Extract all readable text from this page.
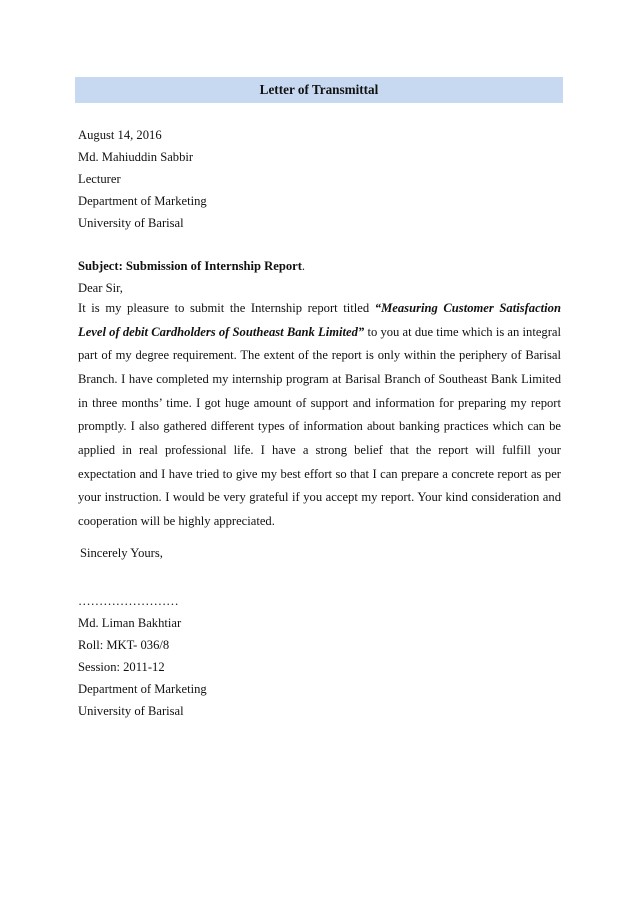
Letter of Transmittal
August 14, 2016
Md. Mahiuddin Sabbir
Lecturer
Department of Marketing
University of Barisal
Subject: Submission of Internship Report.
Dear Sir,
It is my pleasure to submit the Internship report titled “Measuring Customer Satisfaction Level of debit Cardholders of Southeast Bank Limited” to you at due time which is an integral part of my degree requirement. The extent of the report is only within the periphery of Barisal Branch. I have completed my internship program at Barisal Branch of Southeast Bank Limited in three months’ time. I got huge amount of support and information for preparing my report promptly. I also gathered different types of information about banking practices which can be applied in real professional life. I have a strong belief that the report will fulfill your expectation and I have tried to give my best effort so that I can prepare a concrete report as per your instruction. I would be very grateful if you accept my report. Your kind consideration and cooperation will be highly appreciated.
Sincerely Yours,
……………………
Md. Liman Bakhtiar
Roll: MKT- 036/8
Session: 2011-12
Department of Marketing
University of Barisal
